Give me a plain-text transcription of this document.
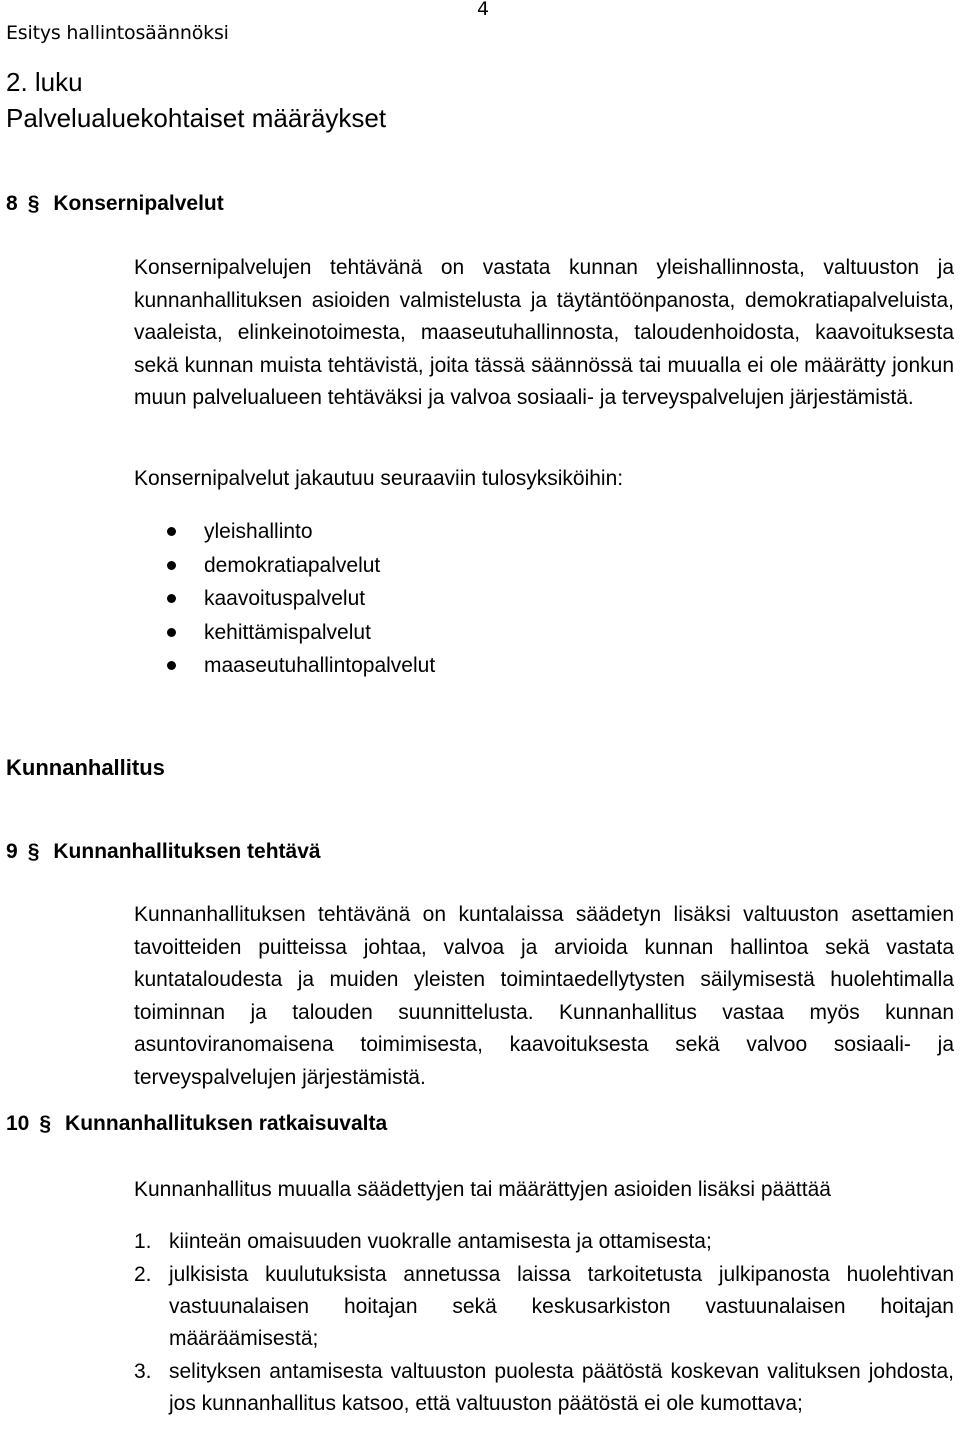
Esitys hallintosäännöksi
4
2. luku
Palvelualuekohtaiset määräykset
8 § Konsernipalvelut

Konsernipalvelujen tehtävänä on vastata kunnan yleishallinnosta, valtuuston ja kunnanhallituksen asioiden valmistelusta ja täytäntöönpanosta, demokratiapalveluista, vaaleista, elinkeinotoimesta, maaseutuhallinnosta, taloudenhoidosta, kaavoituksesta sekä kunnan muista tehtävistä, joita tässä säännössä tai muualla ei ole määrätty jonkun muun palvelualueen tehtäväksi ja valvoa sosiaali- ja terveyspalvelujen järjestämistä.

Konsernipalvelut jakautuu seuraaviin tulosyksiköihin:

yleishallinto
demokratiapalvelut
kaavoituspalvelut
kehittämispalvelut
maaseutuhallintopalvelut
Kunnanhallitus
9 § Kunnanhallituksen tehtävä

Kunnanhallituksen tehtävänä on kuntalaissa säädetyn lisäksi valtuuston asettamien tavoitteiden puitteissa johtaa, valvoa ja arvioida kunnan hallintoa sekä vastata kuntataloudesta ja muiden yleisten toimintaedellytysten säilymisestä huolehtimalla toiminnan ja talouden suunnittelusta. Kunnanhallitus vastaa myös kunnan asuntoviranomaisena toimimisesta, kaavoituksesta sekä valvoo sosiaali- ja terveyspalvelujen järjestämistä.

10 § Kunnanhallituksen ratkaisuvalta

Kunnanhallitus muualla säädettyjen tai määrättyjen asioiden lisäksi päättää

1. kiinteän omaisuuden vuokralle antamisesta ja ottamisesta;
2. julkisista kuulutuksista annetussa laissa tarkoitetusta julkipanosta huolehtivan vastuunalaisen hoitajan sekä keskusarkiston vastuunalaisen hoitajan määräämisestä;
3. selityksen antamisesta valtuuston puolesta päätöstä koskevan valituksen johdosta, jos kunnanhallitus katsoo, että valtuuston päätöstä ei ole kumottava;
